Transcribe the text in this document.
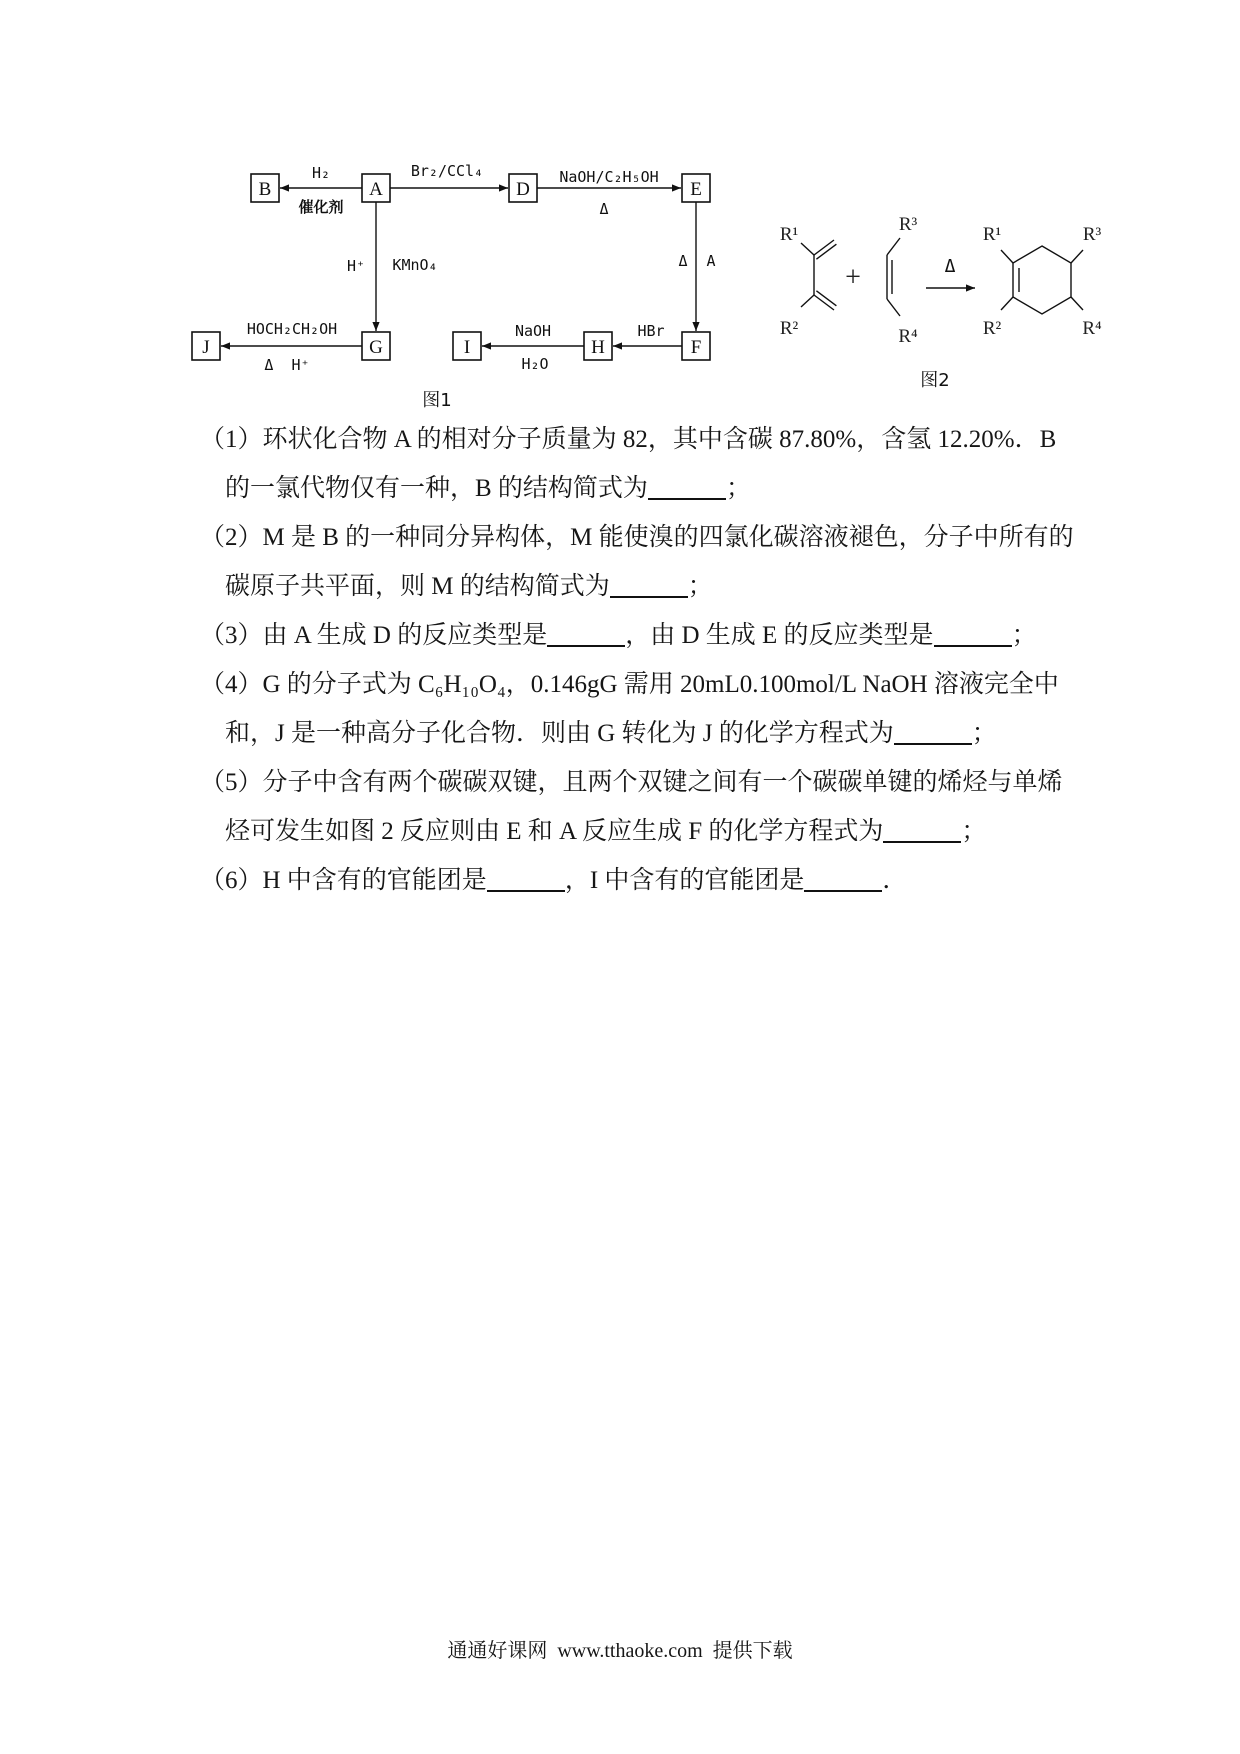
B	A	D	E
J	G	I	H	F
H₂
催化剂
Br₂/CCl₄	NaOH/C₂H₅OH
Δ
H⁺ KMnO₄	Δ A
HBr
NaOH
H₂O
HOCH₂CH₂OH
Δ  H⁺
图1
R¹
R²
+
R³
R⁴
Δ
R¹	R³
R²	R⁴
图2
（1）环状化合物 A 的相对分子质量为 82，其中含碳 87.80%，含氢 12.20%．B
的一氯代物仅有一种，B 的结构简式为	；
（2）M 是 B 的一种同分异构体，M 能使溴的四氯化碳溶液褪色，分子中所有的
碳原子共平面，则 M 的结构简式为	；
（3）由 A 生成 D 的反应类型是	，由 D 生成 E 的反应类型是	；
（4）G 的分子式为 C₆H₁₀O₄，0.146gG 需用 20mL0.100mol/L NaOH 溶液完全中
和，J 是一种高分子化合物．则由 G 转化为 J 的化学方程式为	；
（5）分子中含有两个碳碳双键，且两个双键之间有一个碳碳单键的烯烃与单烯
烃可发生如图 2 反应则由 E 和 A 反应生成 F 的化学方程式为	；
（6）H 中含有的官能团是	，I 中含有的官能团是	．
通通好课网  www.tthaoke.com  提供下载
